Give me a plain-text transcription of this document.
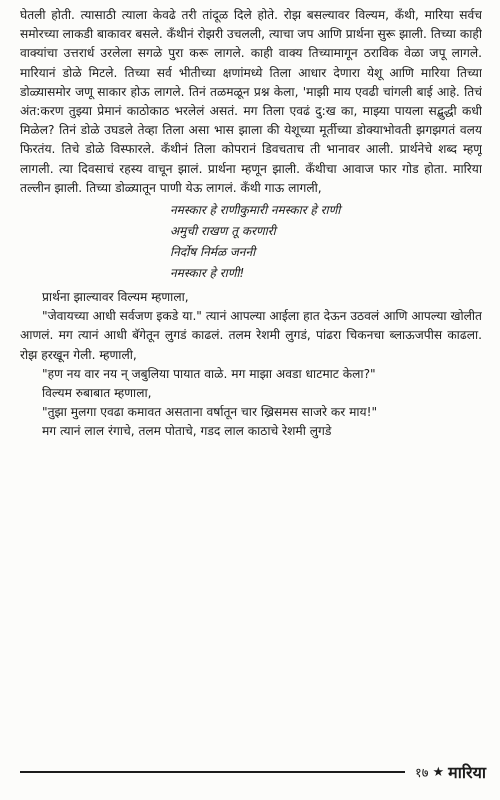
घेतली होती. त्यासाठी त्याला केवढे तरी तांदूळ दिले होते. रोझ बसल्यावर विल्यम, कँथी, मारिया सर्वच समोरच्या लाकडी बाकावर बसले. कँथीनं रोझरी उचलली, त्याचा जप आणि प्रार्थना सुरू झाली. तिच्या काही वाक्यांचा उत्तरार्ध उरलेला सगळे पुरा करू लागले. काही वाक्य तिच्यामागून ठराविक वेळा जपू लागले. मारियानं डोळे मिटले. तिच्या सर्व भीतीच्या क्षणांमध्ये तिला आधार देणारा येशू आणि मारिया तिच्या डोळ्यासमोर जणू साकार होऊ लागले. तिनं तळमळून प्रश्न केला, 'माझी माय एवढी चांगली बाई आहे. तिचं अंत:करण तुझ्या प्रेमानं काठोकाठ भरलेलं असतं. मग तिला एवढं दु:ख का, माझ्या पायला सद्बुद्धी कधी मिळेल? तिनं डोळे उघडले तेव्हा तिला असा भास झाला की येशूच्या मूर्तीच्या डोक्याभोवती झगझगतं वलय फिरतंय. तिचे डोळे विस्फारले. कँथीनं तिला कोपरानं डिवचताच ती भानावर आली. प्रार्थनेचे शब्द म्हणू लागली. त्या दिवसाचं रहस्य वाचून झालं. प्रार्थना म्हणून झाली. कँथीचा आवाज फार गोड होता. मारिया तल्लीन झाली. तिच्या डोळ्यातून पाणी येऊ लागलं. कँथी गाऊ लागली,

नमस्कार हे राणीकुमारी नमस्कार हे राणी
अमुची राखण तू करणारी
निर्दोष निर्मळ जननी
नमस्कार हे राणी!

प्रार्थना झाल्यावर विल्यम म्हणाला,

"जेवायच्या आधी सर्वजण इकडे या." त्यानं आपल्या आईला हात देऊन उठवलं आणि आपल्या खोलीत आणलं. मग त्यानं आधी बॅगेतून लुगडं काढलं. तलम रेशमी लुगडं, पांढरा चिकनचा ब्लाऊजपीस काढला. रोझ हरखून गेली. म्हणाली,

"हण नय वार नय न् जबुलिया पायात वाळे. मग माझा अवडा धाटमाट केला?"

विल्यम रुबाबात म्हणाला,

"तुझा मुलगा एवढा कमावत असताना वर्षातून चार ख्रिसमस साजरे कर माय!"

मग त्यानं लाल रंगाचे, तलम पोताचे, गडद लाल काठाचे रेशमी लुगडे

१७ ★ मारिया
